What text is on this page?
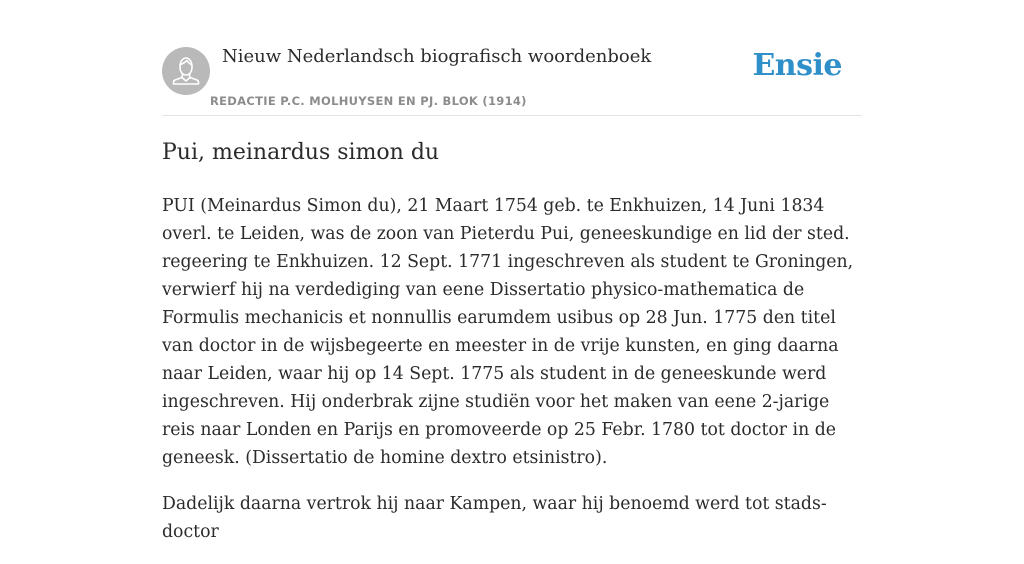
Nieuw Nederlandsch biografisch woordenboek
REDACTIE P.C. MOLHUYSEN EN PJ. BLOK (1914)
Ensie
Pui, meinardus simon du

PUI (Meinardus Simon du), 21 Maart 1754 geb. te Enkhuizen, 14 Juni 1834 overl. te Leiden, was de zoon van Pieterdu Pui, geneeskundige en lid der sted. regeering te Enkhuizen. 12 Sept. 1771 ingeschreven als student te Groningen, verwierf hij na verdediging van eene Dissertatio physico-mathematica de Formulis mechanicis et nonnullis earumdem usibus op 28 Jun. 1775 den titel van doctor in de wijsbegeerte en meester in de vrije kunsten, en ging daarna naar Leiden, waar hij op 14 Sept. 1775 als student in de geneeskunde werd ingeschreven. Hij onderbrak zijne studiën voor het maken van eene 2-jarige reis naar Londen en Parijs en promoveerde op 25 Febr. 1780 tot doctor in de geneesk. (Dissertatio de homine dextro etsinistro).

Dadelijk daarna vertrok hij naar Kampen, waar hij benoemd werd tot stads-doctor
